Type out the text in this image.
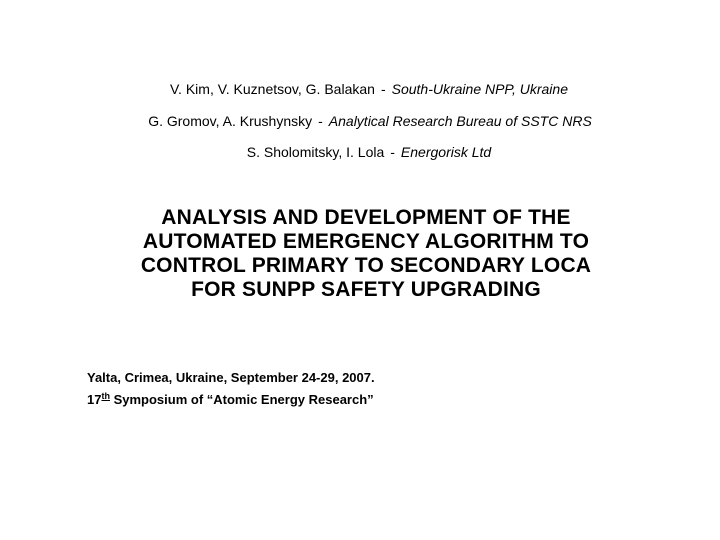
V. Kim, V. Kuznetsov, G. Balakan - South-Ukraine NPP, Ukraine
G. Gromov, A. Krushynsky - Analytical Research Bureau of SSTC NRS
S. Sholomitsky, I. Lola - Energorisk Ltd
ANALYSIS AND DEVELOPMENT OF THE
AUTOMATED EMERGENCY ALGORITHM TO
CONTROL PRIMARY TO SECONDARY LOCA
FOR SUNPP SAFETY UPGRADING
Yalta, Crimea, Ukraine, September 24-29, 2007.
17th Symposium of “Atomic Energy Research”
